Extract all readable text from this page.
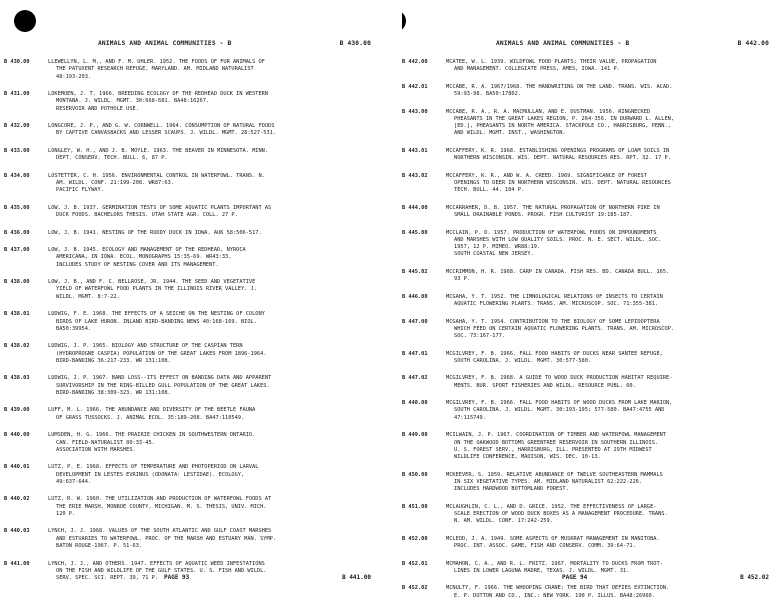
ANIMALS AND ANIMAL COMMUNITIES - B	B 430.00
B 430.00	LLEWELLYN, L. M., AND F. M. UHLER. 1952. THE FOODS OF FUR ANIMALS OF
THE PATUXENT RESEARCH REFUGE, MARYLAND. AM. MIDLAND NATURALIST
48:193-203.
B 431.00	LOKEMOEN, J. T. 1966. BREEDING ECOLOGY OF THE REDHEAD DUCK IN WESTERN
MONTANA. J. WILDL. MGMT. 30:668-681. BA48:16267.
RESERVOIR AND POTHOLE USE.
B 432.00	LONGCORE, J. P., AND G. W. CORNWELL. 1964. CONSUMPTION OF NATURAL FOODS
BY CAPTIVE CANVASBACKS AND LESSER SCAUPS. J. WILDL. MGMT. 28:527-531.
B 433.00	LONGLEY, W. H., AND J. B. MOYLE. 1963. THE BEAVER IN MINNESOTA. MINN.
DEPT. CONSERV. TECH. BULL. 6, 87 P.
B 434.00	LOSTETTER, C. H. 1956. ENVIRONMENTAL CONTROL IN WATERFOWL. TRANS. N.
AM. WILDL. CONF. 21:199-208. WR87:63.
PACIFIC FLYWAY.
B 435.00	LOW, J. B. 1937. GERMINATION TESTS OF SOME AQUATIC PLANTS IMPORTANT AS
DUCK FOODS. BACHELORS THESIS. UTAH STATE AGR. COLL. 27 P.
B 436.00	LOW, J. B. 1941. NESTING OF THE RUDDY DUCK IN IOWA. AUK 58:506-517.
B 437.00	LOW, J. B. 1945. ECOLOGY AND MANAGEMENT OF THE REDHEAD, NYROCA
AMERICANA, IN IOWA. ECOL. MONOGRAPHS 15:35-69. WR43:33.
INCLUDES STUDY OF NESTING COVER AND ITS MANAGEMENT.
B 438.00	LOW, J. B., AND F. C. BELLROSE, JR. 1944. THE SEED AND VEGETATIVE
YIELD OF WATERFOWL FOOD PLANTS IN THE ILLINOIS RIVER VALLEY. J.
WILDL. MGMT. 8:7-22.
B 438.01	LUDWIG, F. E. 1968. THE EFFECTS OF A SEICHE ON THE NESTING OF COLONY
BIRDS OF LAKE HURON. INLAND BIRD-BANDING NEWS 40:168-169. BIOL.
BA50:39954.
B 438.02	LUDWIG, J. P. 1965. BIOLOGY AND STRUCTURE OF THE CASPIAN TERN
(HYDROPROGNE CASPIA) POPULATION OF THE GREAT LAKES FROM 1896-1964.
BIRD-BANDING 36:217-233. WR 131:108.
B 438.03	LUDWIG, J. P. 1967. BAND LOSS--ITS EFFECT ON BANDING DATA AND APPARENT
SURVIVORSHIP IN THE RING-BILLED GULL POPULATION OF THE GREAT LAKES.
BIRD-BANDING 38:309-323. WR 131:108.
B 439.00	LUFF, M. L. 1966. THE ABUNDANCE AND DIVERSITY OF THE BEETLE FAUNA
OF GRASS TUSSOCKS. J. ANIMAL ECOL. 35:189-208. BA47:110549.
B 440.00	LUMSDEN, H. G. 1966. THE PRAIRIE CHICKEN IN SOUTHWESTERN ONTARIO.
CAN. FIELD-NATURALIST 80:33-45.
ASSOCIATION WITH MARSHES.
B 440.01	LUTZ, P. E. 1968. EFFECTS OF TEMPERATURE AND PHOTOPERIOD ON LARVAL
DEVELOPMENT IN LESTES EVRINUS (ODONATA: LESTIDAE). ECOLOGY,
49:637-644.
B 440.02	LUTZ, R. W. 1960. THE UTILIZATION AND PRODUCTION OF WATERFOWL FOODS AT
THE ERIE MARSH, MONROE COUNTY, MICHIGAN. M. S. THESIS, UNIV. MICH.
120 P.
B 440.03	LYNCH, J. J. 1968. VALUES OF THE SOUTH ATLANTIC AND GULF COAST MARSHES
AND ESTUARIES TO WATERFOWL. PROC. OF THE MARSH AND ESTUARY MAN. SYMP.
BATON ROUGE-1967. P. 51-63.
B 441.00	LYNCH, J. J., AND OTHERS. 1947. EFFECTS OF AQUATIC WEED INFESTATIONS
ON THE FISH AND WILDLIFE OF THE GULF STATES. U. S. FISH AND WILDL.
SERV. SPEC. SCI. REPT. 39, 71 P. PAGE 93	B 441.00
ANIMALS AND ANIMAL COMMUNITIES - B	B 442.00
B 442.00	MCATEE, W. L. 1939. WILDFOWL FOOD PLANTS; THEIR VALUE, PROPAGATION
AND MANAGEMENT. COLLEGIATE PRESS, AMES, IOWA. 141 P.
B 442.01	MCCABE, R. A. 1967/1968. THE HANDWRITING ON THE LAND. TRANS. WIS. ACAD.
59:93-98. BA50:17802.
B 443.00	MCCABE, R. A., R. A. MACMULLAN, AND E. DUSTMAN. 1956. RINGNECKED
PHEASANTS IN THE GREAT LAKES REGION, P. 264-356. IN DURWARD L. ALLEN,
[ED.], PHEASANTS IN NORTH AMERICA. STACKPOLE CO., HARRISBURG, PENN.,
AND WILDL. MGMT. INST., WASHINGTON.
B 443.01	MCCAFFERY, K. R. 1968. ESTABLISHING OPENINGS PROGRAMS OF LOAM SOILS IN
NORTHERN WISCONSIN. WIS. DEPT. NATURAL RESOURCES RES. RPT. 32. 17 P.
B 443.02	MCCAFFERY, K. R., AND W. A. CREED. 1969. SIGNIFICANCE OF FOREST
OPENINGS TO DEER IN NORTHERN WISCONSIN. WIS. DEPT. NATURAL RESOURCES
TECH. BULL. 44. 104 P.
B 444.00	MCCARRAHER, D. B. 1957. THE NATURAL PROPAGATION OF NORTHERN PIKE IN
SMALL DRAINABLE PONDS. PROGR. FISH CULTURIST 19:185-187.
B 445.00	MCCLAIN, P. D. 1957. PRODUCTION OF WATERFOWL FOODS ON IMPOUNDMENTS
AND MARSHES WITH LOW QUALITY SOILS. PROC. N. E. SECT. WILDL. SOC.
1957, 12 P. MIMEO. WR88:19.
SOUTH COASTAL NEW JERSEY.
B 445.02	MCCRIMMON, H. R. 1968. CARP IN CANADA. FISH RES. BD. CANADA BULL. 165.
93 P.
B 446.00	MCGAHA, Y. T. 1952. THE LIMNOLOGICAL RELATIONS OF INSECTS TO CERTAIN
AQUATIC FLOWERING PLANTS. TRANS. AM. MICROSCOP. SOC. 71:355-381.
B 447.00	MCGAHA, Y. T. 1954. CONTRIBUTION TO THE BIOLOGY OF SOME LEPIDOPTERA
WHICH FEED ON CERTAIN AQUATIC FLOWERING PLANTS. TRANS. AM. MICROSCOP.
SOC. 73:167-177.
B 447.01	MCGILVREY, F. B. 1966. FALL FOOD HABITS OF DUCKS NEAR SANTEE REFUGE,
SOUTH CAROLINA. J. WILDL. MGMT. 30:577-580.
B 447.02	MCGILVREY, F. B. 1968. A GUIDE TO WOOD DUCK PRODUCTION HABITAT REQUIRE-
MENTS. BUR. SPORT FISHERIES AND WILDL. RESOURCE PUBL. 60.
B 448.00	MCGILVREY, F. B. 1966. FALL FOOD HABITS OF WOOD DUCKS FROM LAKE MARION,
SOUTH CAROLINA. J. WILDL. MGMT. 30:193-195; 577-580. BA47:4755 AND
47:115749.
B 449.00	MCILWAIN, J. P. 1967. COORDINATION OF TIMBER AND WATERFOWL MANAGEMENT
ON THE OAKWOOD BOTTOMS GREENTREE RESERVOIR IN SOUTHERN ILLINOIS.
U. S. FOREST SERV., HARRISBURG, ILL. PRESENTED AT 29TH MIDWEST
WILDLIFE CONFERENCE, MADISON, WIS. DEC. 10-13.
B 450.00	MCKEEVER, S. 1959. RELATIVE ABUNDANCE OF TWELVE SOUTHEASTERN MAMMALS
IN SIX VEGETATIVE TYPES. AM. MIDLAND NATURALIST 62:222-226.
INCLUDES HARDWOOD BOTTOMLAND FOREST.
B 451.00	MCLAUGHLIN, C. L., AND D. GRICE. 1952. THE EFFECTIVENESS OF LARGE-
SCALE ERECTION OF WOOD DUCK BOXES AS A MANAGEMENT PROCEDURE. TRANS.
N. AM. WILDL. CONF. 17:242-259.
B 452.00	MCLEOD, J. A. 1949. SOME ASPECTS OF MUSKRAT MANAGEMENT IN MANITOBA.
PROC. INT. ASSOC. GAME, FISH AND CONSERV. COMM. 39:64-71.
B 452.01	MCMAHON, C. A., AND R. L. FRITZ. 1967. MORTALITY TO DUCKS FROM TROT-
LINES IN LOWER LAGUNA MADRE, TEXAS. J. WILDL. MGMT. 31.
B 452.02	MCNULTY, F. 1966. THE WHOOPING CRANE: THE BIRD THAT DEFIES EXTINCTION.
E. P. DUTTON AND CO., INC.: NEW YORK. 190 P. ILLUS. BA48:26960.
PAGE 94	B 452.02
